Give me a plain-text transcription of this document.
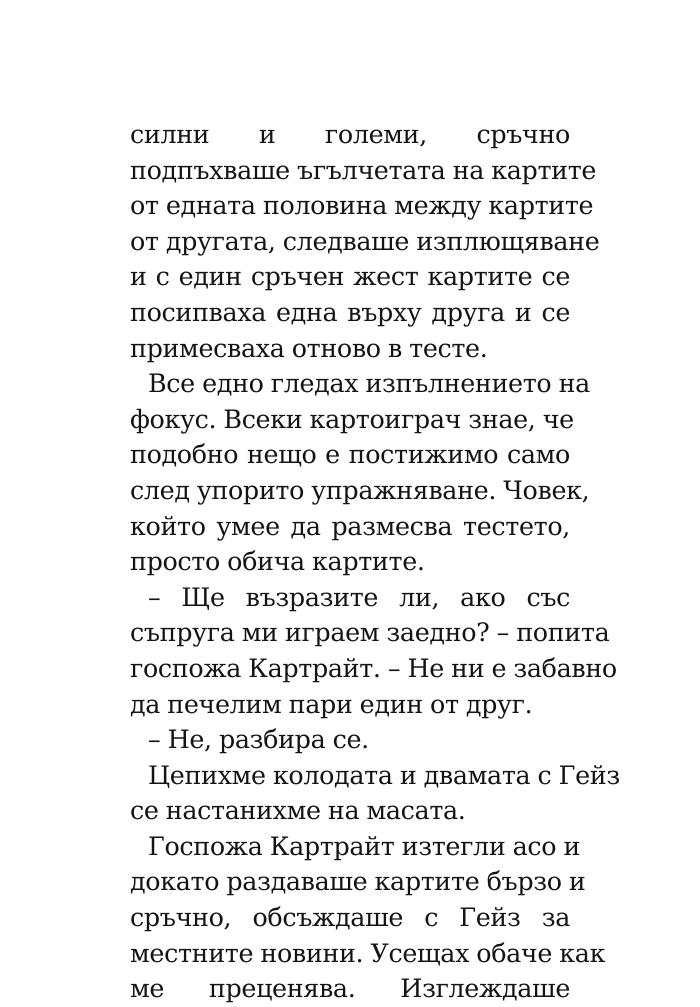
силни и големи, сръчно
подпъхваше ъгълчетата на картите
от едната половина между картите
от другата, следваше изплющяване
и с един сръчен жест картите се
посипваха една върху друга и се
примесваха отново в тесте.

Все едно гледах изпълнението на
фокус. Всеки картоиграч знае, че
подобно нещо е постижимо само
след упорито упражняване. Човек,
който умее да размесва тестето,
просто обича картите.

– Ще възразите ли, ако със
съпруга ми играем заедно? – попита
госпожа Картрайт. – Не ни е забавно
да печелим пари един от друг.

– Не, разбира се.

Цепихме колодата и двамата с Гейз
се настанихме на масата.

Госпожа Картрайт изтегли асо и
докато раздаваше картите бързо и
сръчно, обсъждаше с Гейз за
местните новини. Усещах обаче как
ме преценява. Изглеждаше
